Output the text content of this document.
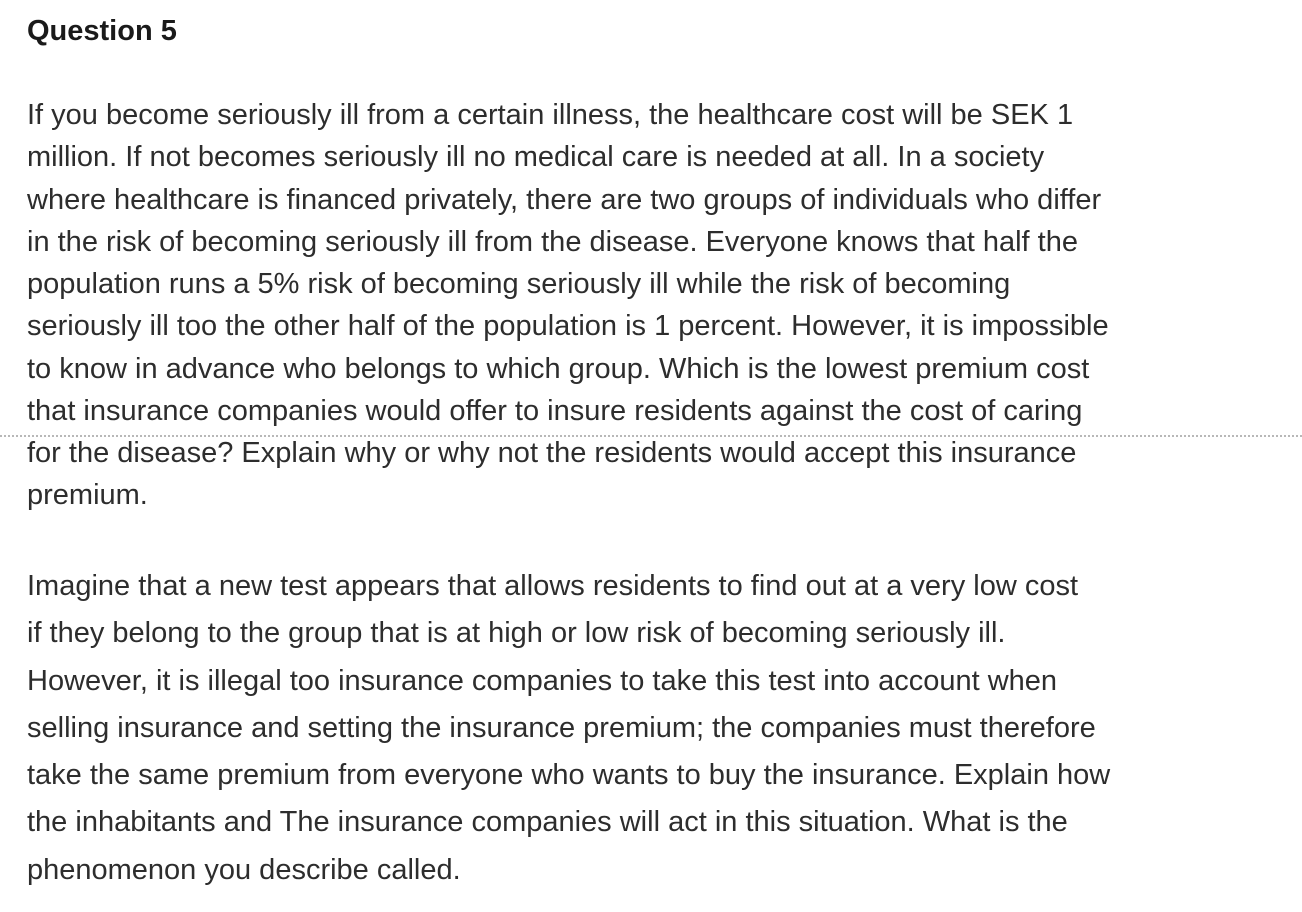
Question 5

If you become seriously ill from a certain illness, the healthcare cost will be SEK 1
million. If not becomes seriously ill no medical care is needed at all. In a society
where healthcare is financed privately, there are two groups of individuals who differ
in the risk of becoming seriously ill from the disease. Everyone knows that half the
population runs a 5% risk of becoming seriously ill while the risk of becoming
seriously ill too the other half of the population is 1 percent. However, it is impossible
to know in advance who belongs to which group. Which is the lowest premium cost
that insurance companies would offer to insure residents against the cost of caring
for the disease? Explain why or why not the residents would accept this insurance
premium.

Imagine that a new test appears that allows residents to find out at a very low cost
if they belong to the group that is at high or low risk of becoming seriously ill.
However, it is illegal too insurance companies to take this test into account when
selling insurance and setting the insurance premium; the companies must therefore
take the same premium from everyone who wants to buy the insurance. Explain how
the inhabitants and The insurance companies will act in this situation. What is the
phenomenon you describe called.
